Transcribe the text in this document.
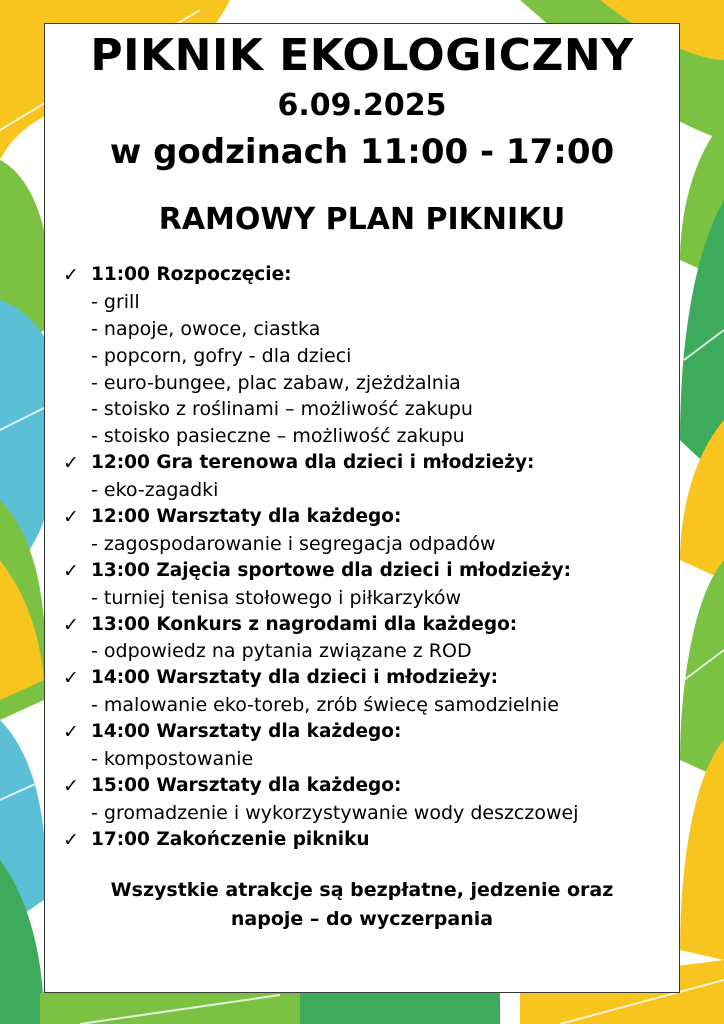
PIKNIK EKOLOGICZNY
6.09.2025
w godzinach 11:00 - 17:00
RAMOWY PLAN PIKNIKU
✓ 11:00 Rozpoczęcie:
- grill
- napoje, owoce, ciastka
- popcorn, gofry - dla dzieci
- euro-bungee, plac zabaw, zjeżdżalnia
- stoisko z roślinami – możliwość zakupu
- stoisko pasieczne – możliwość zakupu
✓ 12:00 Gra terenowa dla dzieci i młodzieży:
- eko-zagadki
✓ 12:00 Warsztaty dla każdego:
- zagospodarowanie i segregacja odpadów
✓ 13:00 Zajęcia sportowe dla dzieci i młodzieży:
- turniej tenisa stołowego i piłkarzyków
✓ 13:00 Konkurs z nagrodami dla każdego:
- odpowiedz na pytania związane z ROD
✓ 14:00 Warsztaty dla dzieci i młodzieży:
- malowanie eko-toreb, zrób świecę samodzielnie
✓ 14:00 Warsztaty dla każdego:
- kompostowanie
✓ 15:00 Warsztaty dla każdego:
- gromadzenie i wykorzystywanie wody deszczowej
✓ 17:00 Zakończenie pikniku
Wszystkie atrakcje są bezpłatne, jedzenie oraz
napoje – do wyczerpania
